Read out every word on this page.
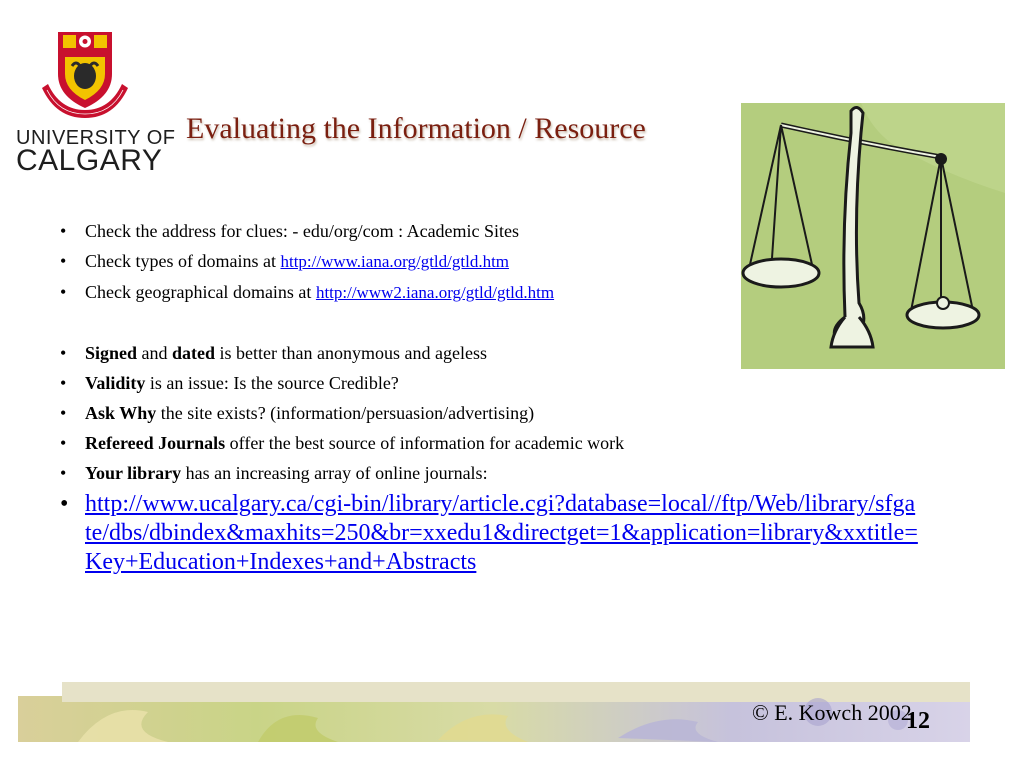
UNIVERSITY OF
CALGARY
Evaluating the Information / Resource
• Check the address for clues: - edu/org/com : Academic Sites
• Check types of domains at http://www.iana.org/gtld/gtld.htm
• Check geographical domains at http://www2.iana.org/gtld/gtld.htm
• Signed and dated is better than anonymous and ageless
• Validity is an issue: Is the source Credible?
• Ask Why the site exists? (information/persuasion/advertising)
• Refereed Journals offer the best source of information for academic work
• Your library has an increasing array of online journals:
• http://www.ucalgary.ca/cgi-bin/library/article.cgi?database=local//ftp/Web/library/sfgate/dbs/dbindex&maxhits=250&br=xxedu1&directget=1&application=library&xxtitle=Key+Education+Indexes+and+Abstracts
© E. Kowch 2002
12
